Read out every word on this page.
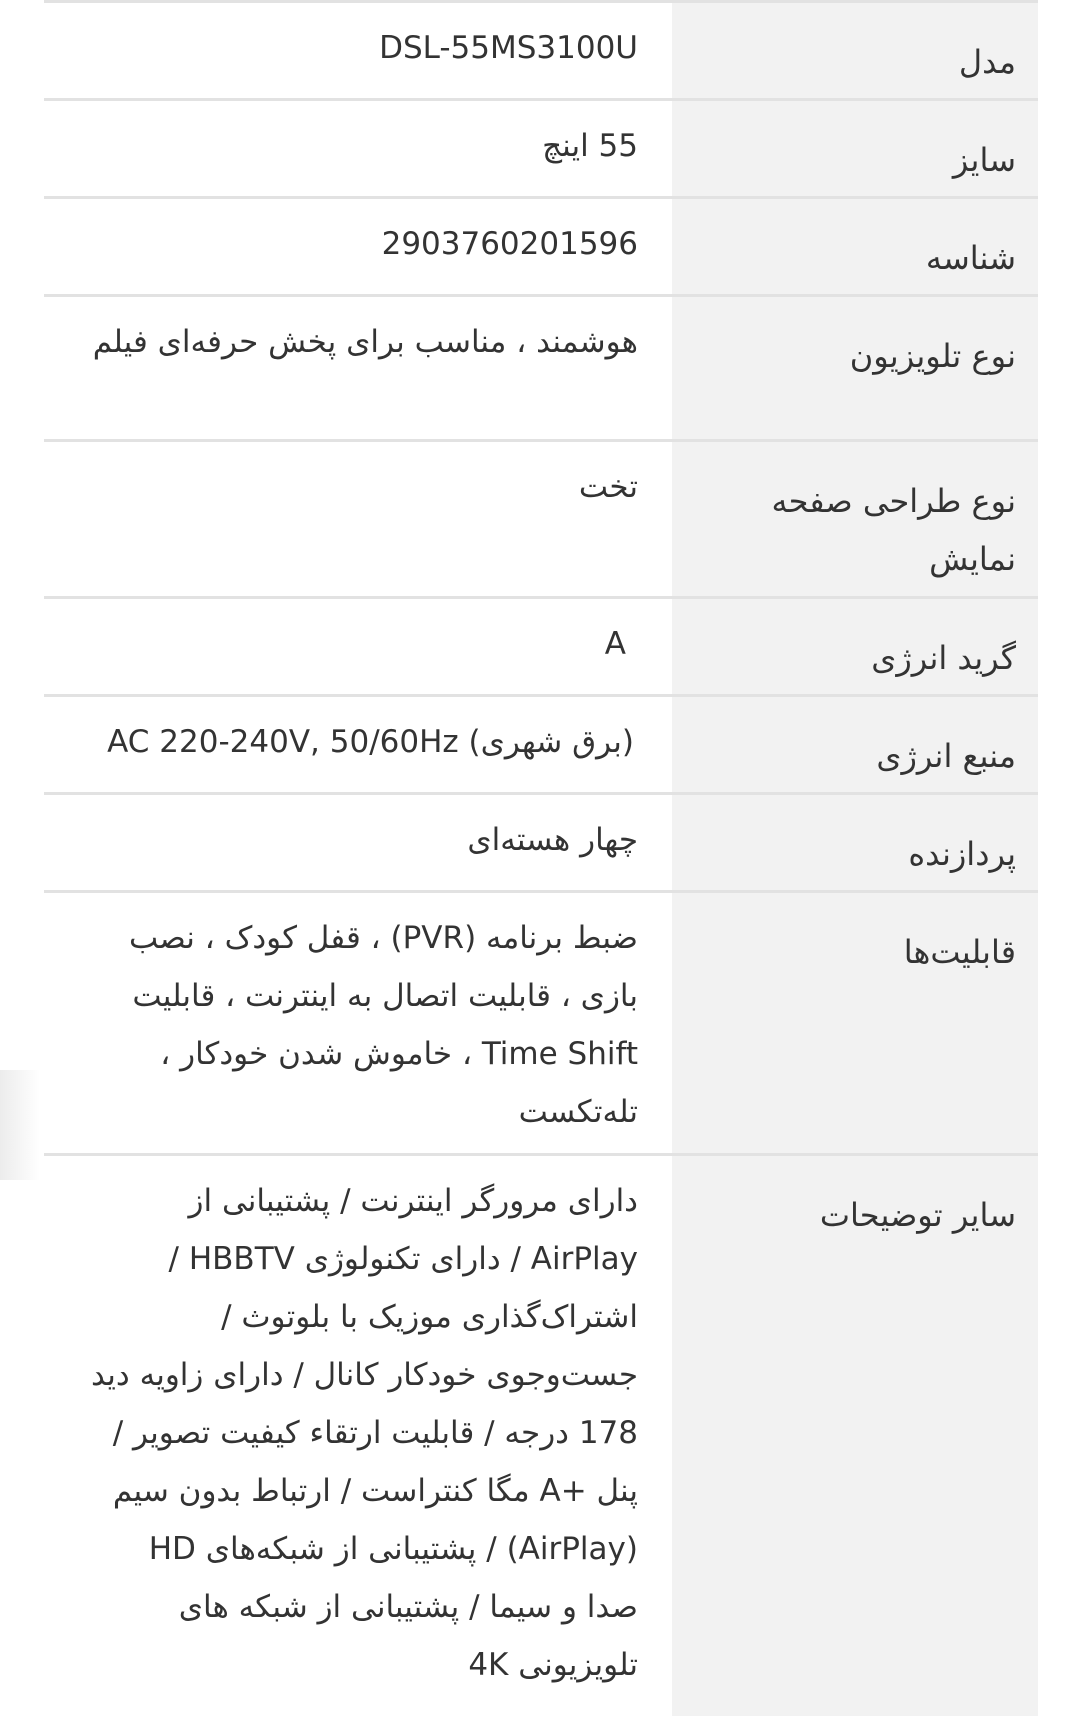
مدل
DSL-55MS3100U
سایز
55 اینچ
شناسه
2903760201596
نوع تلویزیون
هوشمند ، مناسب برای پخش حرفه‌ای فیلم
نوع طراحی صفحه نمایش
تخت
گرید انرژی
A
منبع انرژی
(برق شهری) AC 220-240V, 50/60Hz
پردازنده
چهار هسته‌ای
قابلیت‌ها
ضبط برنامه (PVR) ، قفل کودک ، نصب بازی ، قابلیت اتصال به اینترنت ، قابلیت Time Shift ، خاموش شدن خودکار ، تله‌تکست
سایر توضیحات
دارای مرورگر اینترنت / پشتیبانی از AirPlay / دارای تکنولوژی HBBTV / اشتراک‌گذاری موزیک با بلوتوث / جست‌وجوی خودکار کانال / دارای زاویه دید 178 درجه / قابلیت ارتقاء کیفیت تصویر / پنل +A مگا کنتراست / ارتباط بدون سیم (AirPlay) / پشتیبانی از شبکه‌های HD صدا و سیما / پشتیبانی از شبکه های تلویزیونی 4K
